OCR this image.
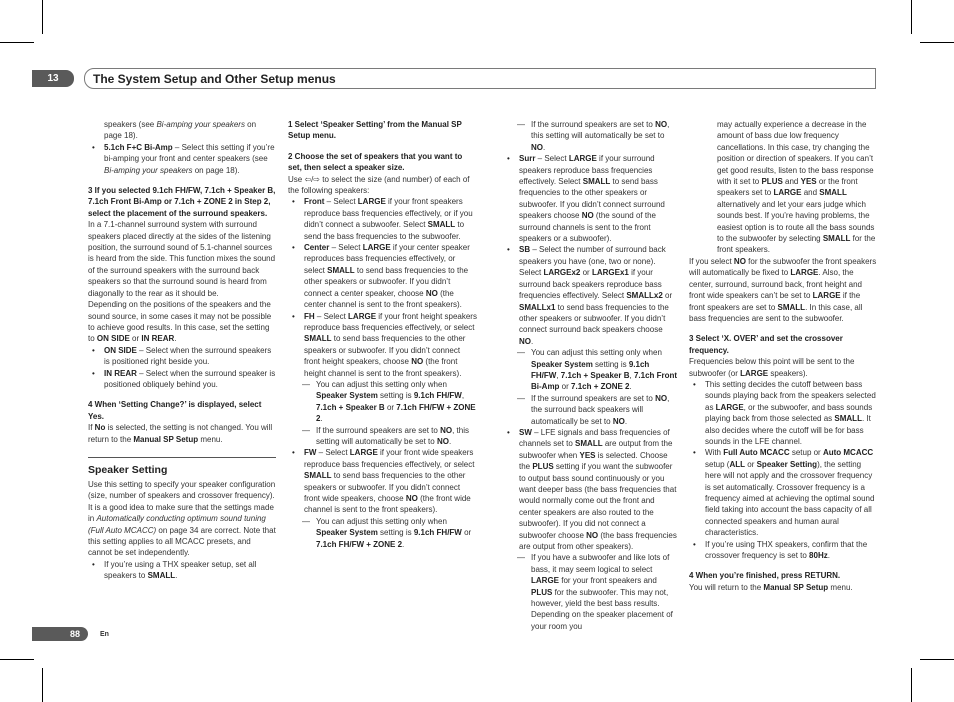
13	The System Setup and Other Setup menus

speakers (see Bi-amping your speakers on page 18).

• 5.1ch F+C Bi-Amp – Select this setting if you’re bi-amping your front and center speakers (see Bi-amping your speakers on page 18).

3 If you selected 9.1ch FH/FW, 7.1ch + Speaker B, 7.1ch Front Bi-Amp or 7.1ch + ZONE 2 in Step 2, select the placement of the surround speakers.

In a 7.1-channel surround system with surround speakers placed directly at the sides of the listening position, the surround sound of 5.1-channel sources is heard from the side. This function mixes the sound of the surround speakers with the surround back speakers so that the surround sound is heard from diagonally to the rear as it should be.

Depending on the positions of the speakers and the sound source, in some cases it may not be possible to achieve good results. In this case, set the setting to ON SIDE or IN REAR.

• ON SIDE – Select when the surround speakers is positioned right beside you.

• IN REAR – Select when the surround speaker is positioned obliquely behind you.

4 When ‘Setting Change?’ is displayed, select Yes.

If No is selected, the setting is not changed. You will return to the Manual SP Setup menu.

Speaker Setting

Use this setting to specify your speaker configuration (size, number of speakers and crossover frequency). It is a good idea to make sure that the settings made in Automatically conducting optimum sound tuning (Full Auto MCACC) on page 34 are correct. Note that this setting applies to all MCACC presets, and cannot be set independently.

• If you’re using a THX speaker setup, set all speakers to SMALL.

1 Select ‘Speaker Setting’ from the Manual SP Setup menu.

2 Choose the set of speakers that you want to set, then select a speaker size.

Use ⇦/⇨ to select the size (and number) of each of the following speakers:

• Front – Select LARGE if your front speakers reproduce bass frequencies effectively, or if you didn’t connect a subwoofer. Select SMALL to send the bass frequencies to the subwoofer.

• Center – Select LARGE if your center speaker reproduces bass frequencies effectively, or select SMALL to send bass frequencies to the other speakers or subwoofer. If you didn’t connect a center speaker, choose NO (the center channel is sent to the front speakers).

• FH – Select LARGE if your front height speakers reproduce bass frequencies effectively, or select SMALL to send bass frequencies to the other speakers or subwoofer. If you didn’t connect front height speakers, choose NO (the front height channel is sent to the front speakers).

— You can adjust this setting only when Speaker System setting is 9.1ch FH/FW, 7.1ch + Speaker B or 7.1ch FH/FW + ZONE 2.

— If the surround speakers are set to NO, this setting will automatically be set to NO.

• FW – Select LARGE if your front wide speakers reproduce bass frequencies effectively, or select SMALL to send bass frequencies to the other speakers or subwoofer. If you didn’t connect front wide speakers, choose NO (the front wide channel is sent to the front speakers).

— You can adjust this setting only when Speaker System setting is 9.1ch FH/FW or 7.1ch FH/FW + ZONE 2.

— If the surround speakers are set to NO, this setting will automatically be set to NO.

• Surr – Select LARGE if your surround speakers reproduce bass frequencies effectively. Select SMALL to send bass frequencies to the other speakers or subwoofer. If you didn’t connect surround speakers choose NO (the sound of the surround channels is sent to the front speakers or a subwoofer).

• SB – Select the number of surround back speakers you have (one, two or none). Select LARGEx2 or LARGEx1 if your surround back speakers reproduce bass frequencies effectively. Select SMALLx2 or SMALLx1 to send bass frequencies to the other speakers or subwoofer. If you didn’t connect surround back speakers choose NO.

— You can adjust this setting only when Speaker System setting is 9.1ch FH/FW, 7.1ch + Speaker B, 7.1ch Front Bi-Amp or 7.1ch + ZONE 2.

— If the surround speakers are set to NO, the surround back speakers will automatically be set to NO.

• SW – LFE signals and bass frequencies of channels set to SMALL are output from the subwoofer when YES is selected. Choose the PLUS setting if you want the subwoofer to output bass sound continuously or you want deeper bass (the bass frequencies that would normally come out the front and center speakers are also routed to the subwoofer). If you did not connect a subwoofer choose NO (the bass frequencies are output from other speakers).

— If you have a subwoofer and like lots of bass, it may seem logical to select LARGE for your front speakers and PLUS for the subwoofer. This may not, however, yield the best bass results. Depending on the speaker placement of your room you

may actually experience a decrease in the amount of bass due low frequency cancellations. In this case, try changing the position or direction of speakers. If you can’t get good results, listen to the bass response with it set to PLUS and YES or the front speakers set to LARGE and SMALL alternatively and let your ears judge which sounds best. If you’re having problems, the easiest option is to route all the bass sounds to the subwoofer by selecting SMALL for the front speakers.

If you select NO for the subwoofer the front speakers will automatically be fixed to LARGE. Also, the center, surround, surround back, front height and front wide speakers can’t be set to LARGE if the front speakers are set to SMALL. In this case, all bass frequencies are sent to the subwoofer.

3 Select ‘X. OVER’ and set the crossover frequency.

Frequencies below this point will be sent to the subwoofer (or LARGE speakers).

• This setting decides the cutoff between bass sounds playing back from the speakers selected as LARGE, or the subwoofer, and bass sounds playing back from those selected as SMALL. It also decides where the cutoff will be for bass sounds in the LFE channel.

• With Full Auto MCACC setup or Auto MCACC setup (ALL or Speaker Setting), the setting here will not apply and the crossover frequency is set automatically. Crossover frequency is a frequency aimed at achieving the optimal sound field taking into account the bass capacity of all connected speakers and human aural characteristics.

• If you’re using THX speakers, confirm that the crossover frequency is set to 80Hz.

4 When you’re finished, press RETURN.

You will return to the Manual SP Setup menu.

88	En
